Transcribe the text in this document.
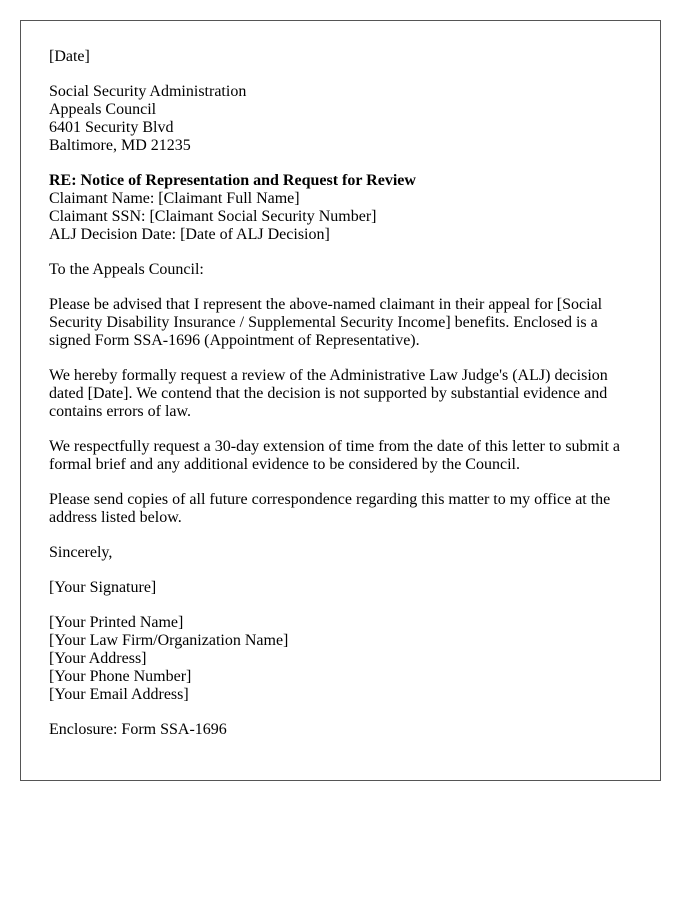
[Date]

Social Security Administration
Appeals Council
6401 Security Blvd
Baltimore, MD 21235

RE: Notice of Representation and Request for Review
Claimant Name: [Claimant Full Name]
Claimant SSN: [Claimant Social Security Number]
ALJ Decision Date: [Date of ALJ Decision]

To the Appeals Council:

Please be advised that I represent the above-named claimant in their appeal for [Social Security Disability Insurance / Supplemental Security Income] benefits. Enclosed is a signed Form SSA-1696 (Appointment of Representative).

We hereby formally request a review of the Administrative Law Judge's (ALJ) decision dated [Date]. We contend that the decision is not supported by substantial evidence and contains errors of law.

We respectfully request a 30-day extension of time from the date of this letter to submit a formal brief and any additional evidence to be considered by the Council.

Please send copies of all future correspondence regarding this matter to my office at the address listed below.

Sincerely,

[Your Signature]

[Your Printed Name]
[Your Law Firm/Organization Name]
[Your Address]
[Your Phone Number]
[Your Email Address]

Enclosure: Form SSA-1696
